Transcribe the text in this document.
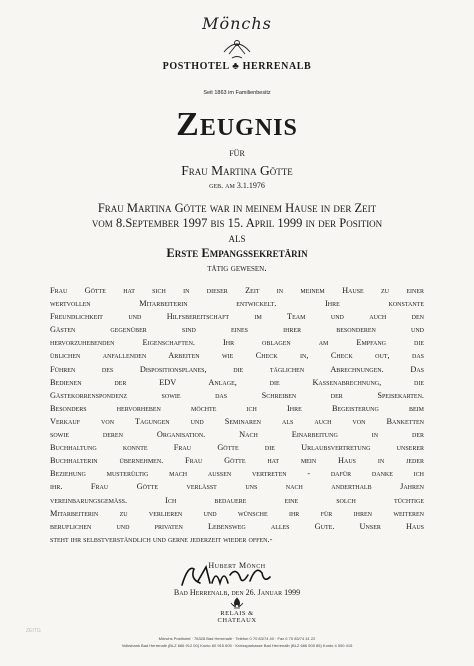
Mönchs
POSTHOTEL ♣ HERRENALB
Seit 1863 im Familienbesitz
Zeugnis
FÜR
Frau Martina Götte
geb. am 3.1.1976
Frau Martina Götte war in meinem Hause in der Zeit
vom 8.September 1997 bis 15. April 1999 in der Position
als
Erste Empangssekretärin
tätig gewesen.
Frau Götte hat sich in dieser Zeit in meinem Hause zu einer
wertvollen Mitarbeiterin entwickelt. Ihre konstante
Freundlichkeit und Hilfsbereitschaft im Team und auch den
Gästen gegenüber sind eines ihrer besonderen und
hervorzuhebenden Eigenschaften. Ihr oblagen am Empfang die
üblichen anfallenden Arbeiten wie Check in, Check out, das
Führen des Dispositionsplanes, die täglichen Abrechnungen. Das
Bedienen der EDV Anlage, die Kassenabrechnung, die
Gästekorrenspondenz sowie das Schreiben der Speisekarten.
Besonders hervorheben möchte ich Ihre Begeisterung beim
Verkauf von Tagungen und Seminaren als auch von Banketten
sowie deren Organisation. Nach Einarbeitung in der
Buchhaltung konnte Frau Götte die Urlaubsvertretung unserer
Buchhalterin übernehmen. Frau Götte hat mein Haus in jeder
Beziehung musterültig mach außen vertreten - dafür danke ich
ihr. Frau Götte verläßt uns nach anderthalb Jahren
vereinbarungsgemäß. Ich bedauere eine solch tüchtige
Mitarbeiterin zu verlieren und wünsche ihr für ihren weiteren
beruflichen und privaten Lebensweg alles Gute. Unser Haus
steht ihr selbstverständlich und gerne jederzeit wieder offen.-
Hubert Mönch
Bad Herrenalb, den 26. Januar 1999
RELAIS &
CHATEAUX
ZEITG
Mönchs Posthotel · 76328 Bad Herrenalb · Telefon 0 70 83/74 40 · Fax 0 70 83/74 41 22
Volksbank Bad Herrenalb (BLZ 666 912 00) Konto 60 915 609 · Kreissparkasse Bad Herrenalb (BLZ 666 500 85) Konto 4 000 415
